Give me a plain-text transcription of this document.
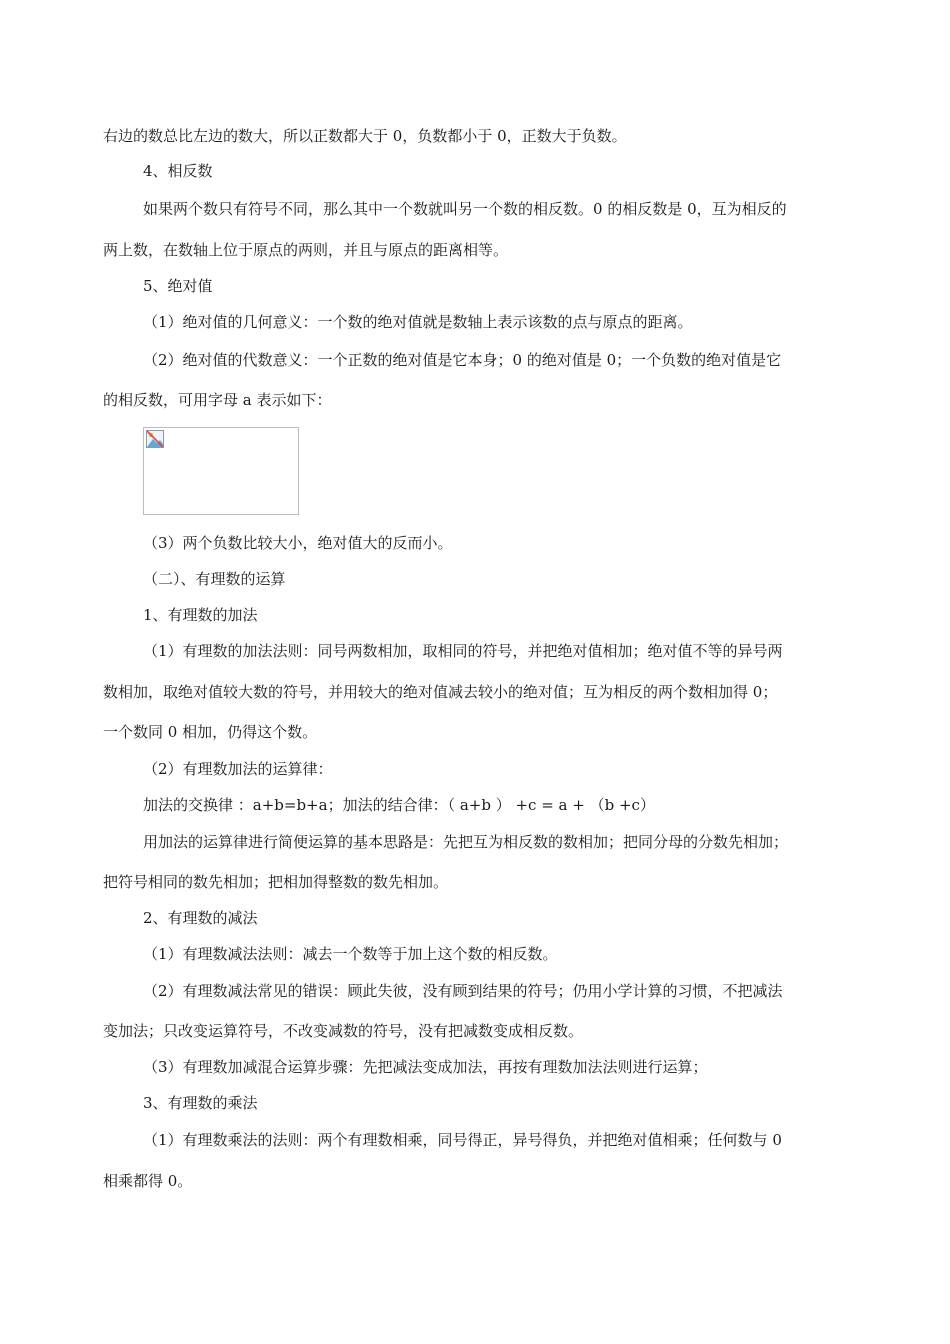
右边的数总比左边的数大，所以正数都大于 0，负数都小于 0，正数大于负数。

4、相反数

如果两个数只有符号不同，那么其中一个数就叫另一个数的相反数。0 的相反数是 0，互为相反的

两上数，在数轴上位于原点的两则，并且与原点的距离相等。

5、绝对值

（1）绝对值的几何意义：一个数的绝对值就是数轴上表示该数的点与原点的距离。

（2）绝对值的代数意义：一个正数的绝对值是它本身；0 的绝对值是 0；一个负数的绝对值是它

的相反数，可用字母 a 表示如下：

（3）两个负数比较大小，绝对值大的反而小。

（二）、有理数的运算

1、有理数的加法

（1）有理数的加法法则：同号两数相加，取相同的符号，并把绝对值相加；绝对值不等的异号两

数相加，取绝对值较大数的符号，并用较大的绝对值减去较小的绝对值；互为相反的两个数相加得 0；

一个数同 0 相加，仍得这个数。

（2）有理数加法的运算律：

加法的交换律 ：a+b=b+a；加法的结合律：（ a+b ） +c = a + （b +c）

用加法的运算律进行简便运算的基本思路是：先把互为相反数的数相加；把同分母的分数先相加；

把符号相同的数先相加；把相加得整数的数先相加。

2、有理数的减法

（1）有理数减法法则：减去一个数等于加上这个数的相反数。

（2）有理数减法常见的错误：顾此失彼，没有顾到结果的符号；仍用小学计算的习惯，不把减法

变加法；只改变运算符号，不改变减数的符号，没有把减数变成相反数。

（3）有理数加减混合运算步骤：先把减法变成加法，再按有理数加法法则进行运算；

3、有理数的乘法

（1）有理数乘法的法则：两个有理数相乘，同号得正，异号得负，并把绝对值相乘；任何数与 0

相乘都得 0。
